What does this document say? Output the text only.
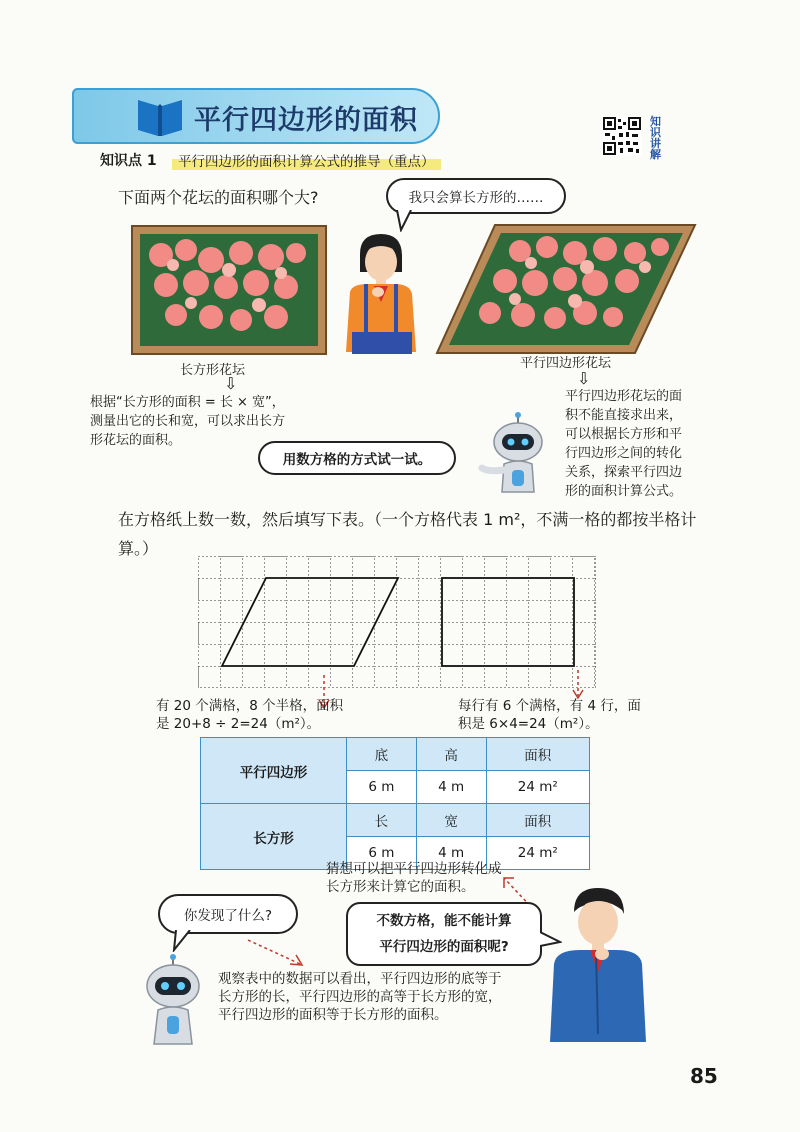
平行四边形的面积	知识讲解
知识点 1	平行四边形的面积计算公式的推导（重点）
下面两个花坛的面积哪个大?	我只会算长方形的……
长方形花坛
⇩
平行四边形花坛
⇩
根据“长方形的面积 = 长 × 宽”，
测量出它的长和宽，可以求出长方
形花坛的面积。
平行四边形花坛的面
积不能直接求出来，
可以根据长方形和平
行四边形之间的转化
关系，探索平行四边
形的面积计算公式。
用数方格的方式试一试。
在方格纸上数一数，然后填写下表。（一个方格代表 1 m²，不满一格的都按半格计算。）
有 20 个满格，8 个半格，面积
是 20+8 ÷ 2=24（m²）。
每行有 6 个满格，有 4 行，面
积是 6×4=24（m²）。
平行四边形	底	高	面积
	6 m	4 m	24 m²
长方形	长	宽	面积
	6 m	4 m	24 m²
猜想可以把平行四边形转化成
长方形来计算它的面积。
你发现了什么?	不数方格，能不能计算
平行四边形的面积呢?
观察表中的数据可以看出，平行四边形的底等于
长方形的长，平行四边形的高等于长方形的宽，
平行四边形的面积等于长方形的面积。
85
